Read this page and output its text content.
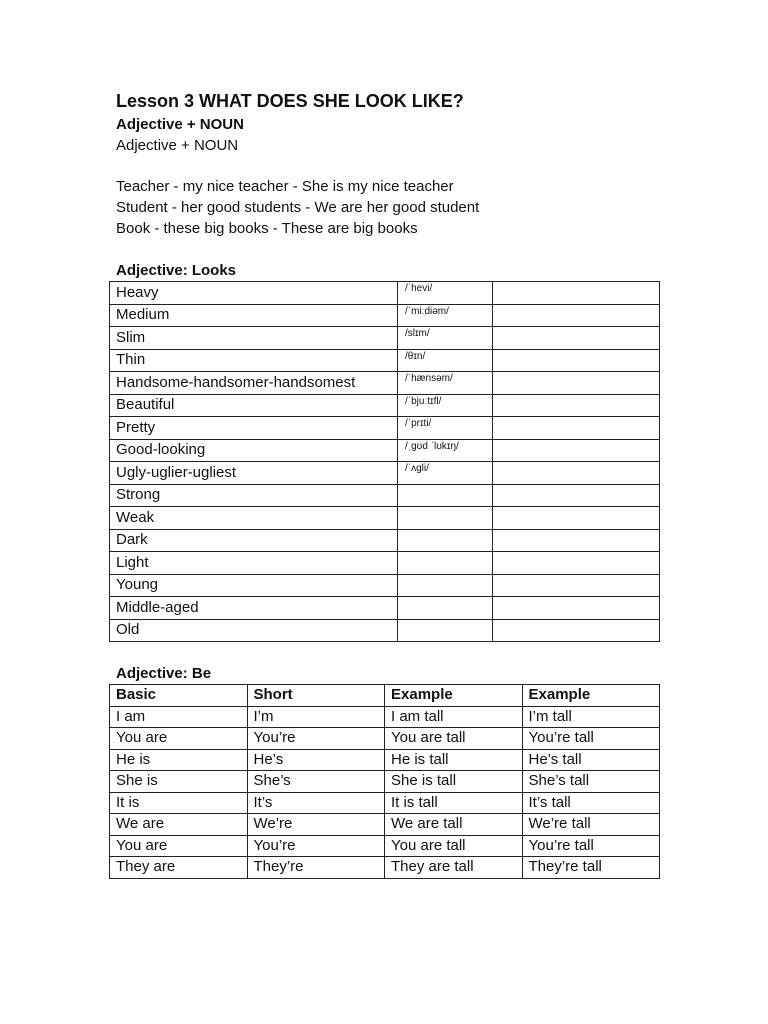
Lesson 3 WHAT DOES SHE LOOK LIKE?

Adjective + NOUN

Adjective + NOUN

Teacher - my nice teacher - She is my nice teacher

Student - her good students - We are her good student

Book - these big books - These are big books

Adjective: Looks

Heavy	/ˈhevi/	
Medium	/ˈmiːdiəm/	
Slim	/slɪm/	
Thin	/θɪn/	
Handsome-handsomer-handsomest	/ˈhænsəm/	
Beautiful	/ˈbjuːtɪfl/	
Pretty	/ˈprɪti/	
Good-looking	/ˌɡʊd ˈlʊkɪŋ/	
Ugly-uglier-ugliest	/ˈʌɡli/	
Strong		
Weak		
Dark		
Light		
Young		
Middle-aged		
Old		

Adjective: Be

Basic	Short	Example	Example
I am	I’m	I am tall	I’m tall
You are	You’re	You are tall	You’re tall
He is	He’s	He is tall	He’s tall
She is	She’s	She is tall	She’s tall
It is	It’s	It is tall	It’s tall
We are	We’re	We are tall	We’re tall
You are	You’re	You are tall	You’re tall
They are	They’re	They are tall	They’re tall
